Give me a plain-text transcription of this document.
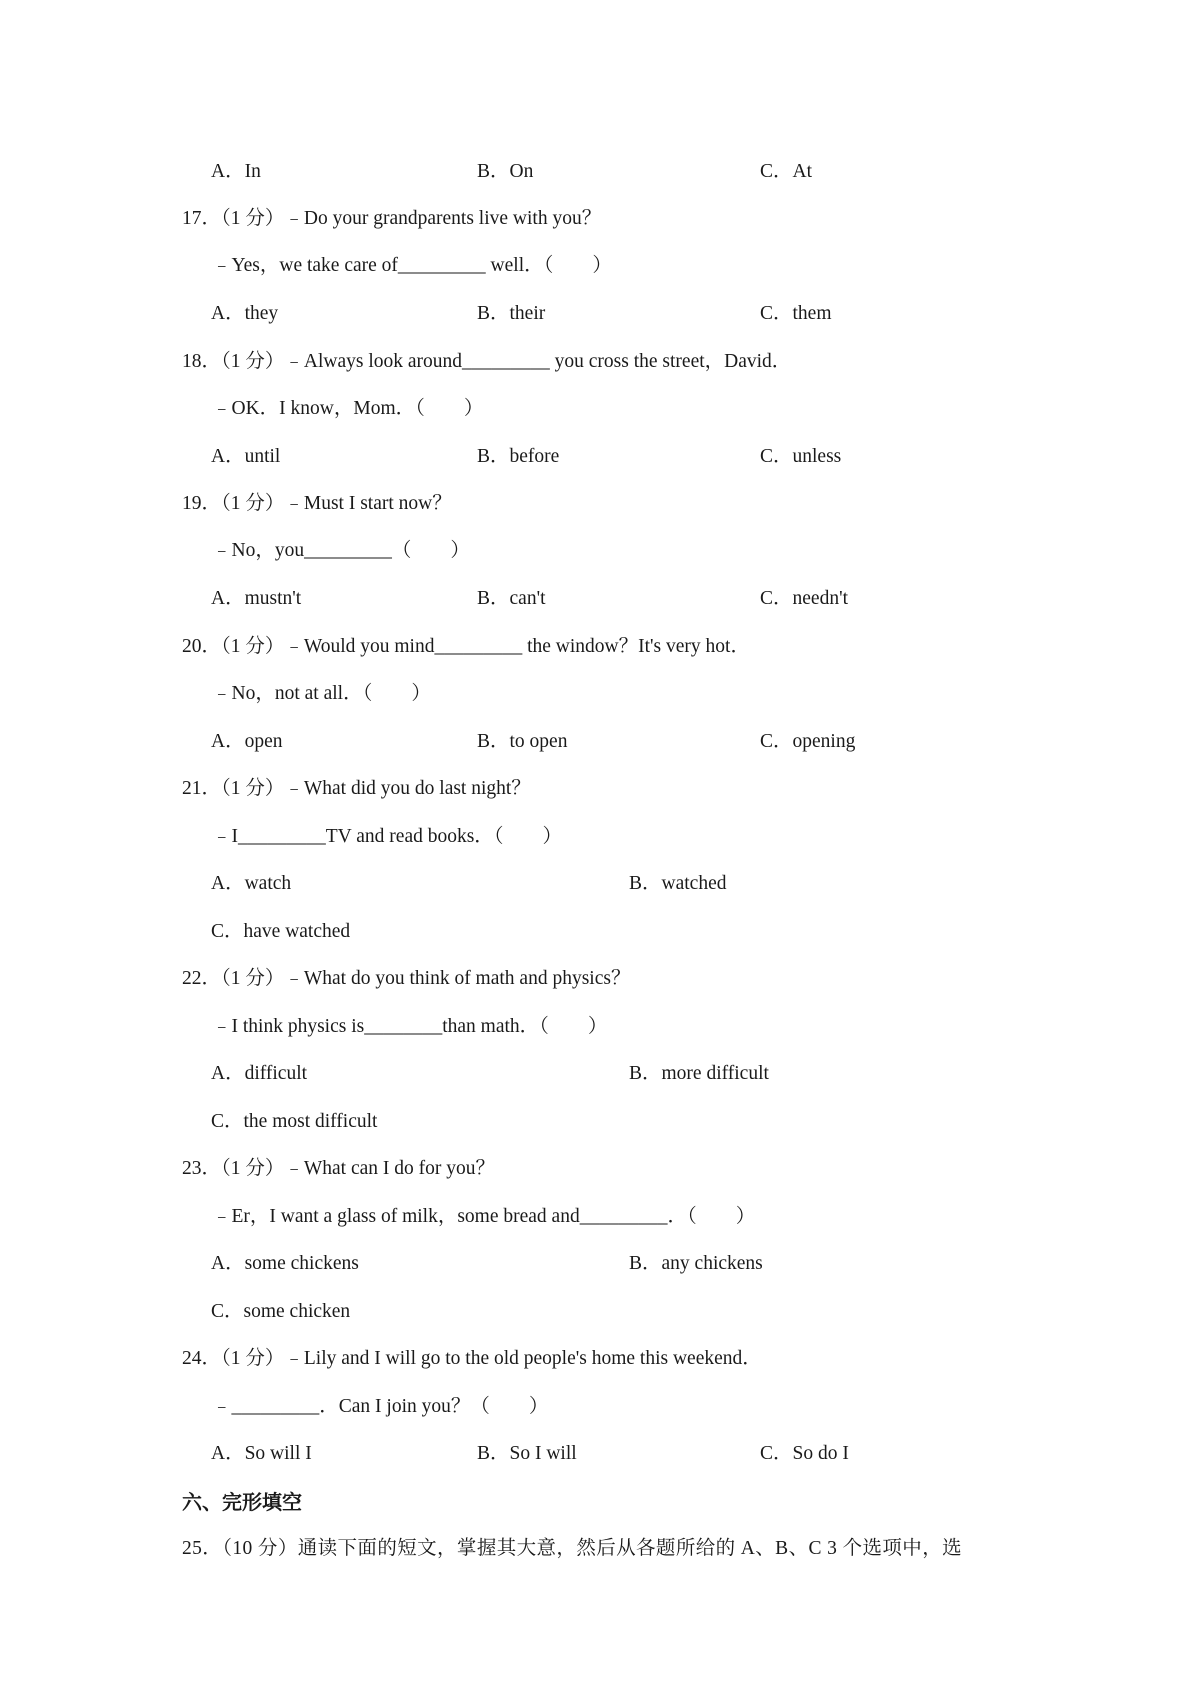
A．In	B．On	C．At
17．（1 分）﹣Do your grandparents live with you？
﹣Yes，we take care of_________ well．（　　）
A．they	B．their	C．them
18．（1 分）﹣Always look around_________ you cross the street，David．
﹣OK．I know，Mom．（　　）
A．until	B．before	C．unless
19．（1 分）﹣Must I start now？
﹣No，you_________（　　）
A．mustn't	B．can't	C．needn't
20．（1 分）﹣Would you mind_________ the window？It's very hot．
﹣No，not at all．（　　）
A．open	B．to open	C．opening
21．（1 分）﹣What did you do last night？
﹣I_________TV and read books．（　　）
A．watch	B．watched
C．have watched
22．（1 分）﹣What do you think of math and physics？
﹣I think physics is________than math．（　　）
A．difficult	B．more difficult
C．the most difficult
23．（1 分）﹣What can I do for you？
﹣Er，I want a glass of milk，some bread and_________．（　　）
A．some chickens	B．any chickens
C．some chicken
24．（1 分）﹣Lily and I will go to the old people's home this weekend．
﹣_________．Can I join you？（　　）
A．So will I	B．So I will	C．So do I
六、完形填空
25．（10 分）通读下面的短文，掌握其大意，然后从各题所给的 A、B、C 3 个选项中，选
